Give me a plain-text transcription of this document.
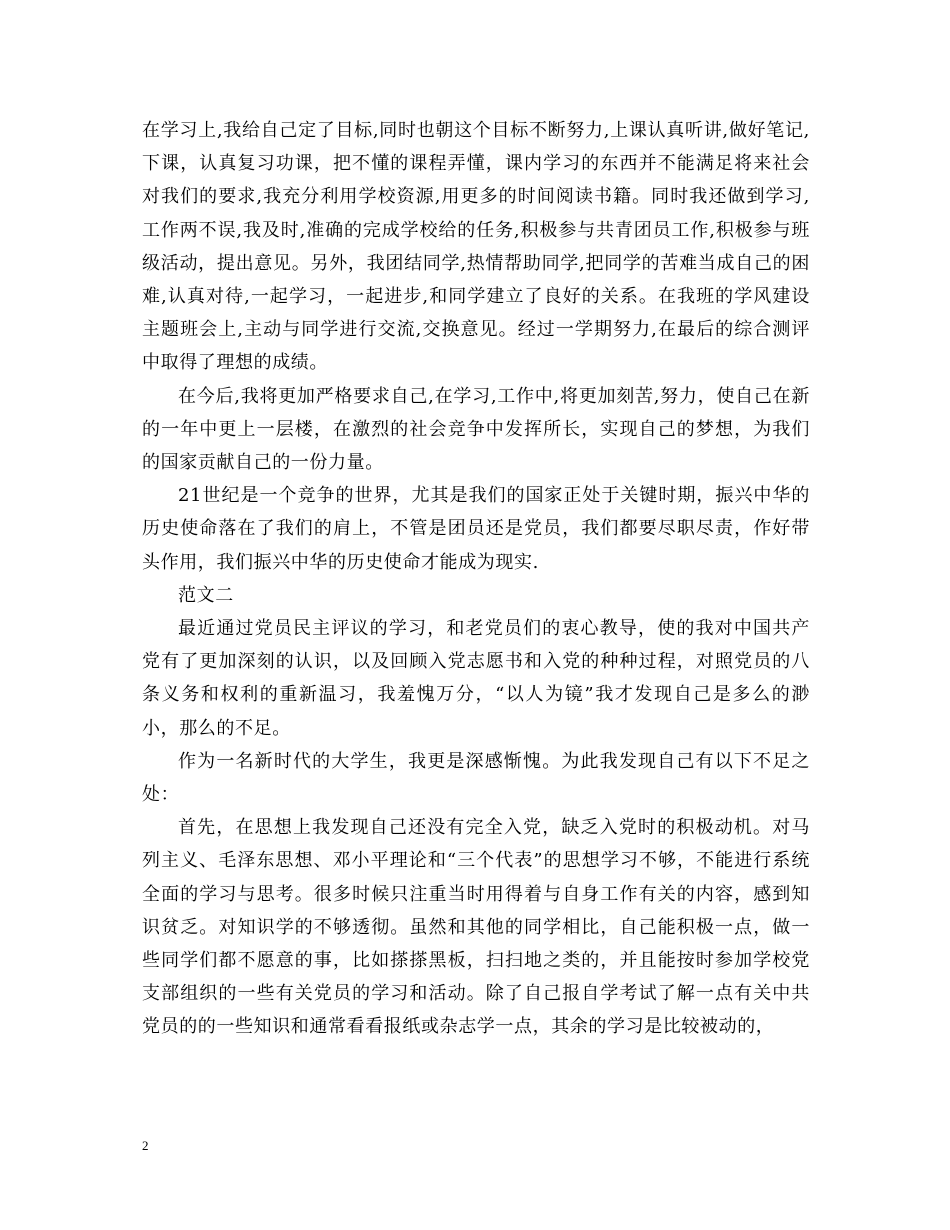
在学习上,我给自己定了目标,同时也朝这个目标不断努力,上课认真听讲,做好笔记,下课，认真复习功课，把不懂的课程弄懂，课内学习的东西并不能满足将来社会对我们的要求,我充分利用学校资源,用更多的时间阅读书籍。同时我还做到学习,工作两不误,我及时,准确的完成学校给的任务,积极参与共青团员工作,积极参与班级活动，提出意见。另外，我团结同学,热情帮助同学,把同学的苦难当成自己的困难,认真对待,一起学习，一起进步,和同学建立了良好的关系。在我班的学风建设主题班会上,主动与同学进行交流,交换意见。经过一学期努力,在最后的综合测评中取得了理想的成绩。

在今后,我将更加严格要求自己,在学习,工作中,将更加刻苦,努力，使自己在新的一年中更上一层楼，在激烈的社会竞争中发挥所长，实现自己的梦想，为我们的国家贡献自己的一份力量。

21世纪是一个竞争的世界，尤其是我们的国家正处于关键时期，振兴中华的历史使命落在了我们的肩上，不管是团员还是党员，我们都要尽职尽责，作好带头作用，我们振兴中华的历史使命才能成为现实.

范文二

最近通过党员民主评议的学习，和老党员们的衷心教导，使的我对中国共产党有了更加深刻的认识，以及回顾入党志愿书和入党的种种过程，对照党员的八条义务和权利的重新温习，我羞愧万分，“以人为镜”我才发现自己是多么的渺小，那么的不足。

作为一名新时代的大学生，我更是深感惭愧。为此我发现自己有以下不足之处：

首先，在思想上我发现自己还没有完全入党，缺乏入党时的积极动机。对马列主义、毛泽东思想、邓小平理论和“三个代表”的思想学习不够，不能进行系统全面的学习与思考。很多时候只注重当时用得着与自身工作有关的内容，感到知识贫乏。对知识学的不够透彻。虽然和其他的同学相比，自己能积极一点，做一些同学们都不愿意的事，比如搽搽黑板，扫扫地之类的，并且能按时参加学校党支部组织的一些有关党员的学习和活动。除了自己报自学考试了解一点有关中共党员的的一些知识和通常看看报纸或杂志学一点，其余的学习是比较被动的，

2
